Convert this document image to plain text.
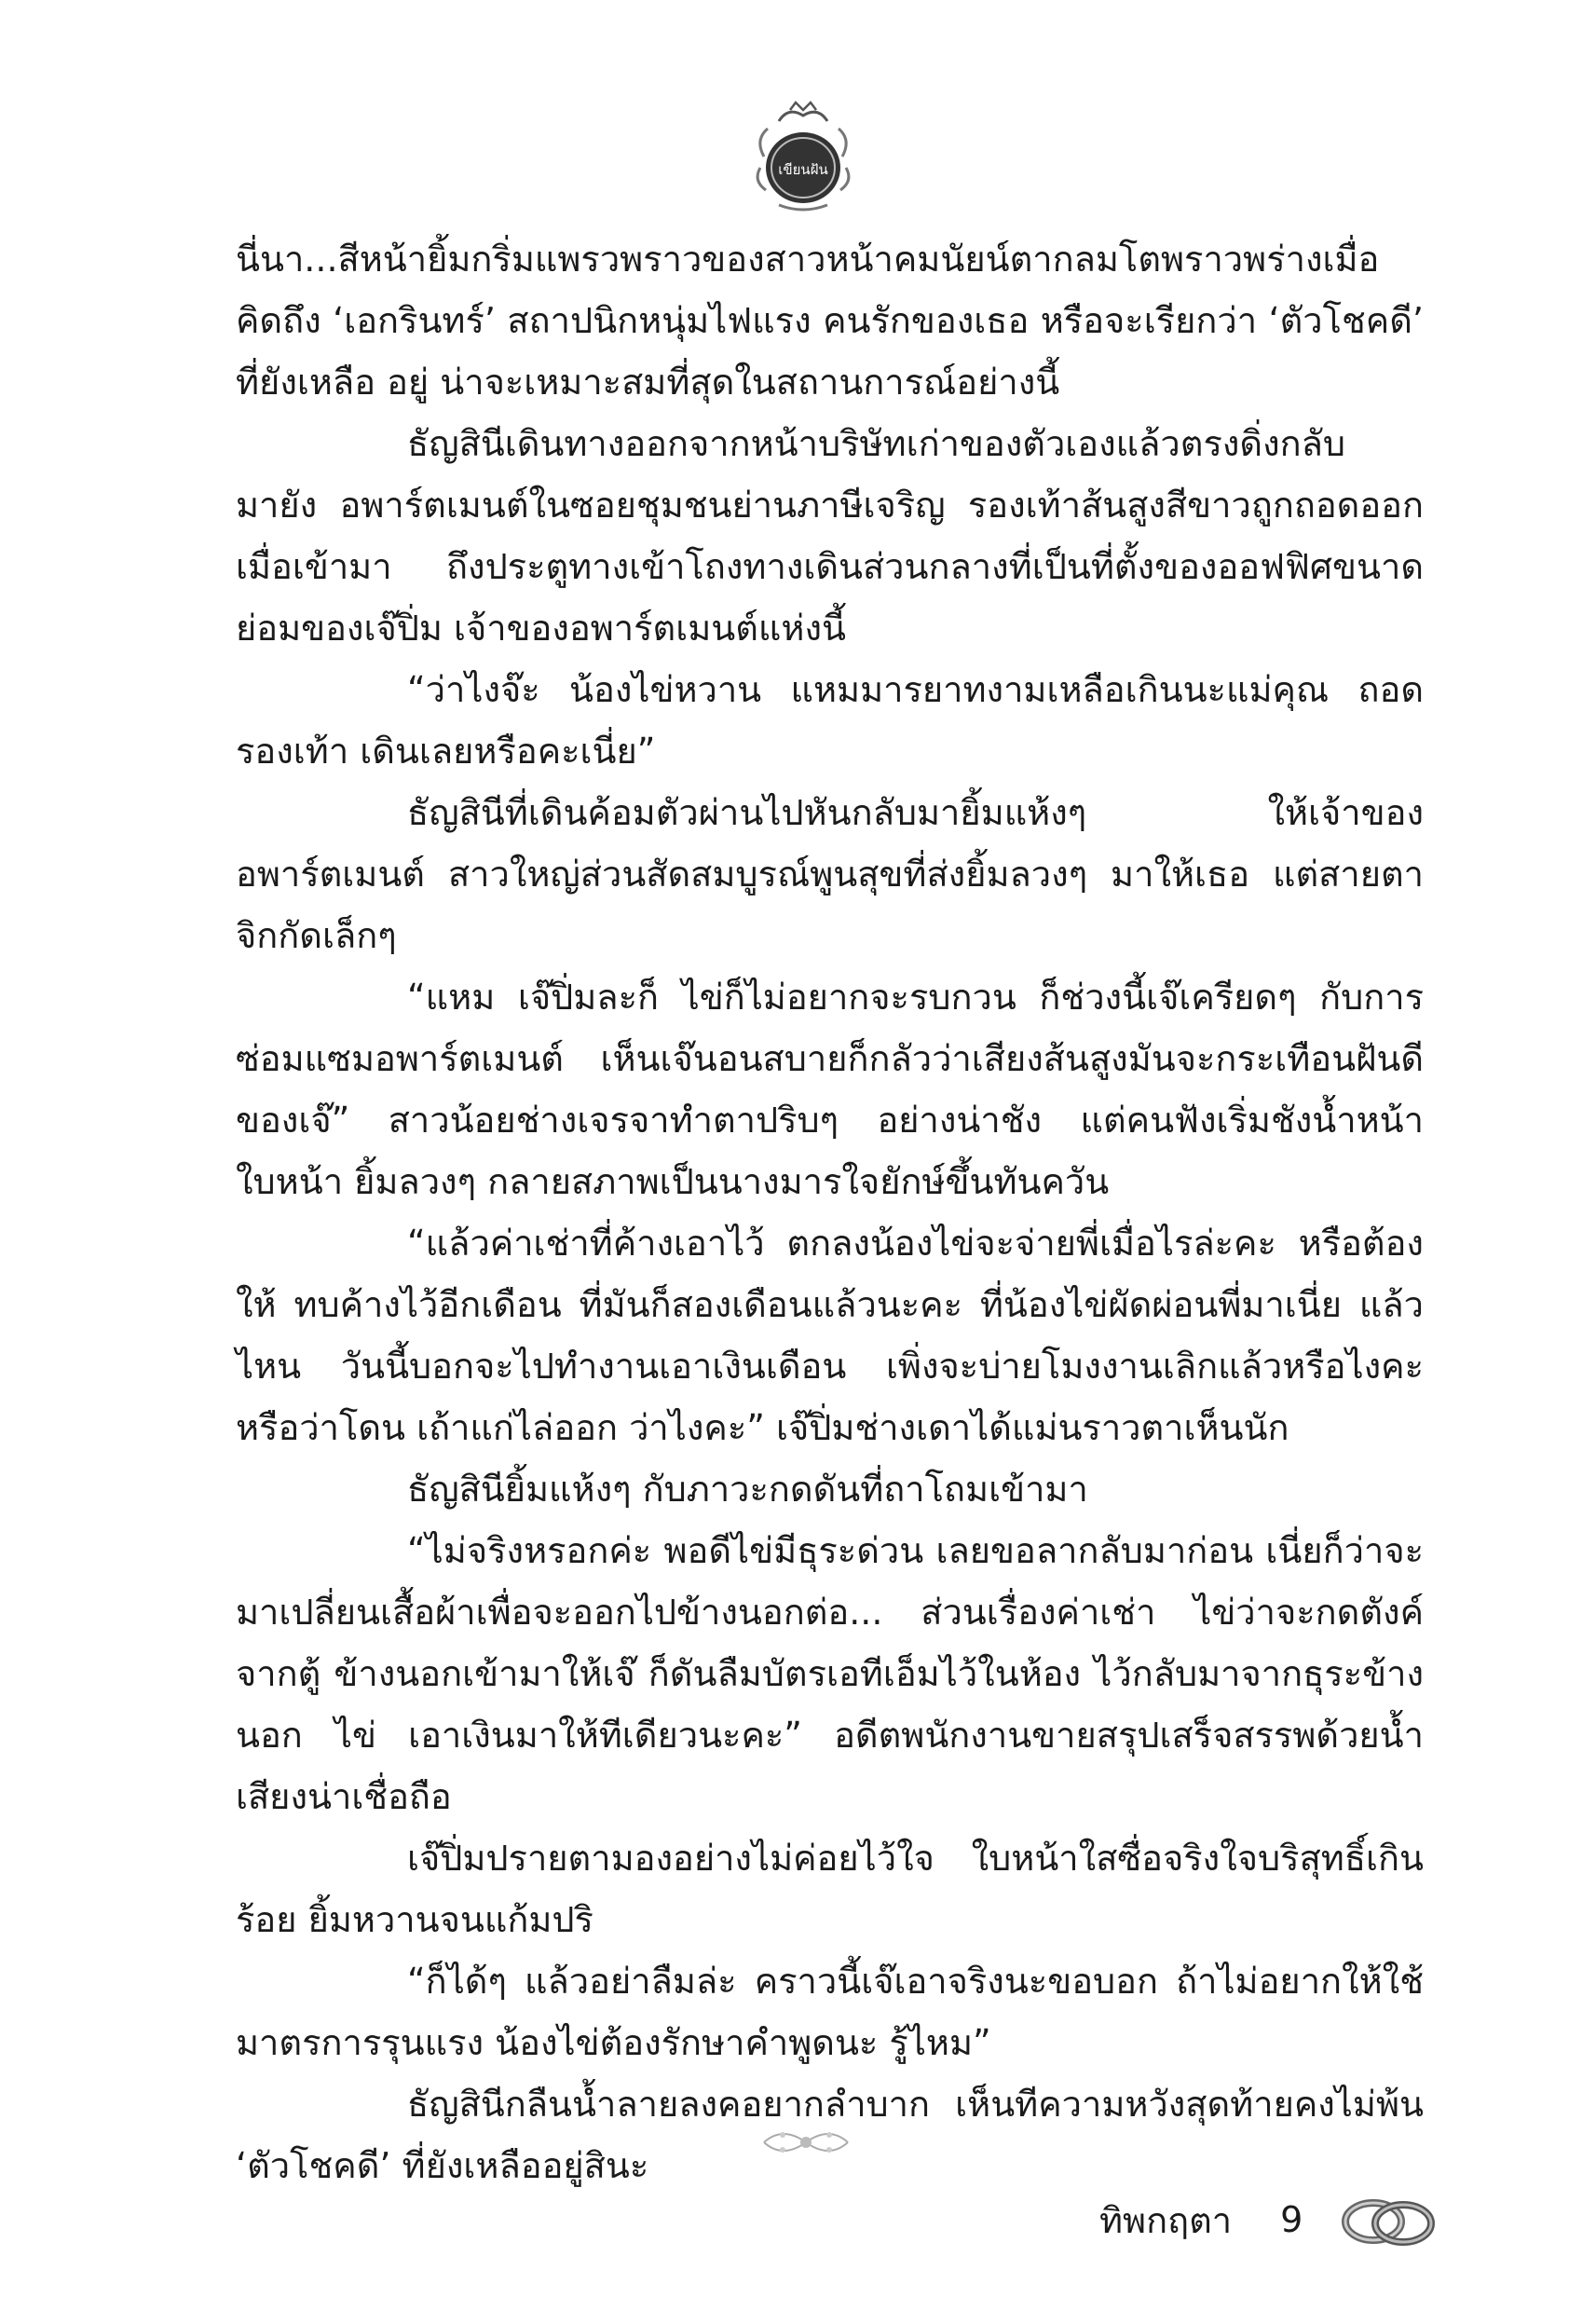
เขียนฝัน

นี่นา...สีหน้ายิ้มกริ่มแพรวพราวของสาวหน้าคมนัยน์ตากลมโตพราวพร่างเมื่อคิดถึง ‘เอกรินทร์’ สถาปนิกหนุ่มไฟแรง คนรักของเธอ หรือจะเรียกว่า ‘ตัวโชคดี’ ที่ยังเหลือ อยู่ น่าจะเหมาะสมที่สุดในสถานการณ์อย่างนี้

ธัญสินีเดินทางออกจากหน้าบริษัทเก่าของตัวเองแล้วตรงดิ่งกลับมายัง อพาร์ตเมนต์ในซอยชุมชนย่านภาษีเจริญ รองเท้าส้นสูงสีขาวถูกถอดออกเมื่อเข้ามา ถึงประตูทางเข้าโถงทางเดินส่วนกลางที่เป็นที่ตั้งของออฟฟิศขนาดย่อมของเจ๊ปิ่ม เจ้าของอพาร์ตเมนต์แห่งนี้

“ว่าไงจ๊ะ น้องไข่หวาน แหมมารยาทงามเหลือเกินนะแม่คุณ ถอดรองเท้า เดินเลยหรือคะเนี่ย”

ธัญสินีที่เดินค้อมตัวผ่านไปหันกลับมายิ้มแห้งๆ ให้เจ้าของอพาร์ตเมนต์ สาวใหญ่ส่วนสัดสมบูรณ์พูนสุขที่ส่งยิ้มลวงๆ มาให้เธอ แต่สายตาจิกกัดเล็กๆ

“แหม เจ๊ปิ่มละก็ ไข่ก็ไม่อยากจะรบกวน ก็ช่วงนี้เจ๊เครียดๆ กับการ ซ่อมแซมอพาร์ตเมนต์ เห็นเจ๊นอนสบายก็กลัวว่าเสียงส้นสูงมันจะกระเทือนฝันดี ของเจ๊” สาวน้อยช่างเจรจาทำตาปริบๆ อย่างน่าชัง แต่คนฟังเริ่มชังน้ำหน้า ใบหน้า ยิ้มลวงๆ กลายสภาพเป็นนางมารใจยักษ์ขึ้นทันควัน

“แล้วค่าเช่าที่ค้างเอาไว้ ตกลงน้องไข่จะจ่ายพี่เมื่อไรล่ะคะ หรือต้องให้ ทบค้างไว้อีกเดือน ที่มันก็สองเดือนแล้วนะคะ ที่น้องไข่ผัดผ่อนพี่มาเนี่ย แล้วไหน วันนี้บอกจะไปทำงานเอาเงินเดือน เพิ่งจะบ่ายโมงงานเลิกแล้วหรือไงคะ หรือว่าโดน เถ้าแก่ไล่ออก ว่าไงคะ” เจ๊ปิ่มช่างเดาได้แม่นราวตาเห็นนัก

ธัญสินียิ้มแห้งๆ กับภาวะกดดันที่ถาโถมเข้ามา

“ไม่จริงหรอกค่ะ พอดีไข่มีธุระด่วน เลยขอลากลับมาก่อน เนี่ยก็ว่าจะ มาเปลี่ยนเสื้อผ้าเพื่อจะออกไปข้างนอกต่อ... ส่วนเรื่องค่าเช่า ไข่ว่าจะกดตังค์จากตู้ ข้างนอกเข้ามาให้เจ๊ ก็ดันลืมบัตรเอทีเอ็มไว้ในห้อง ไว้กลับมาจากธุระข้างนอก ไข่ เอาเงินมาให้ทีเดียวนะคะ” อดีตพนักงานขายสรุปเสร็จสรรพด้วยน้ำเสียงน่าเชื่อถือ

เจ๊ปิ่มปรายตามองอย่างไม่ค่อยไว้ใจ ใบหน้าใสซื่อจริงใจบริสุทธิ์เกินร้อย ยิ้มหวานจนแก้มปริ

“ก็ได้ๆ แล้วอย่าลืมล่ะ คราวนี้เจ๊เอาจริงนะขอบอก ถ้าไม่อยากให้ใช้ มาตรการรุนแรง น้องไข่ต้องรักษาคำพูดนะ รู้ไหม”

ธัญสินีกลืนน้ำลายลงคอยากลำบาก เห็นทีความหวังสุดท้ายคงไม่พ้น ‘ตัวโชคดี’ ที่ยังเหลืออยู่สินะ

ทิพกฤตา 9
